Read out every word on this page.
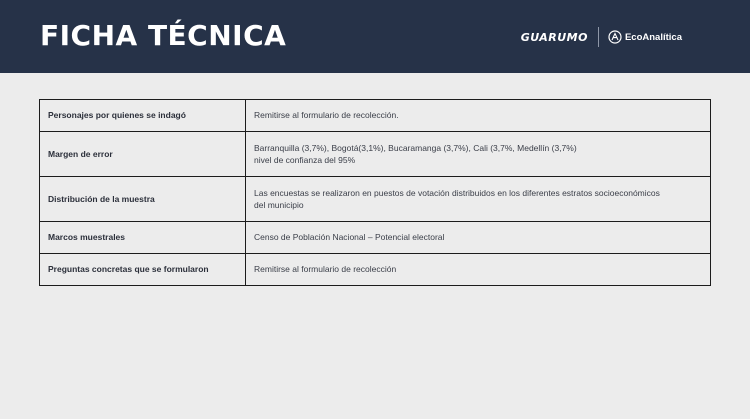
FICHA TÉCNICA	GUARUMO	EcoAnalítica
Personajes por quienes se indagó	Remitirse al formulario de recolección.

Margen de error	Barranquilla (3,7%), Bogotá(3,1%), Bucaramanga (3,7%), Cali (3,7%, Medellín (3,7%)
nivel de confianza del 95%

Distribución de la muestra	Las encuestas se realizaron en puestos de votación distribuidos en los diferentes estratos socioeconómicos
del municipio

Marcos muestrales	Censo de Población Nacional – Potencial electoral

Preguntas concretas que se formularon	Remitirse al formulario de recolección
